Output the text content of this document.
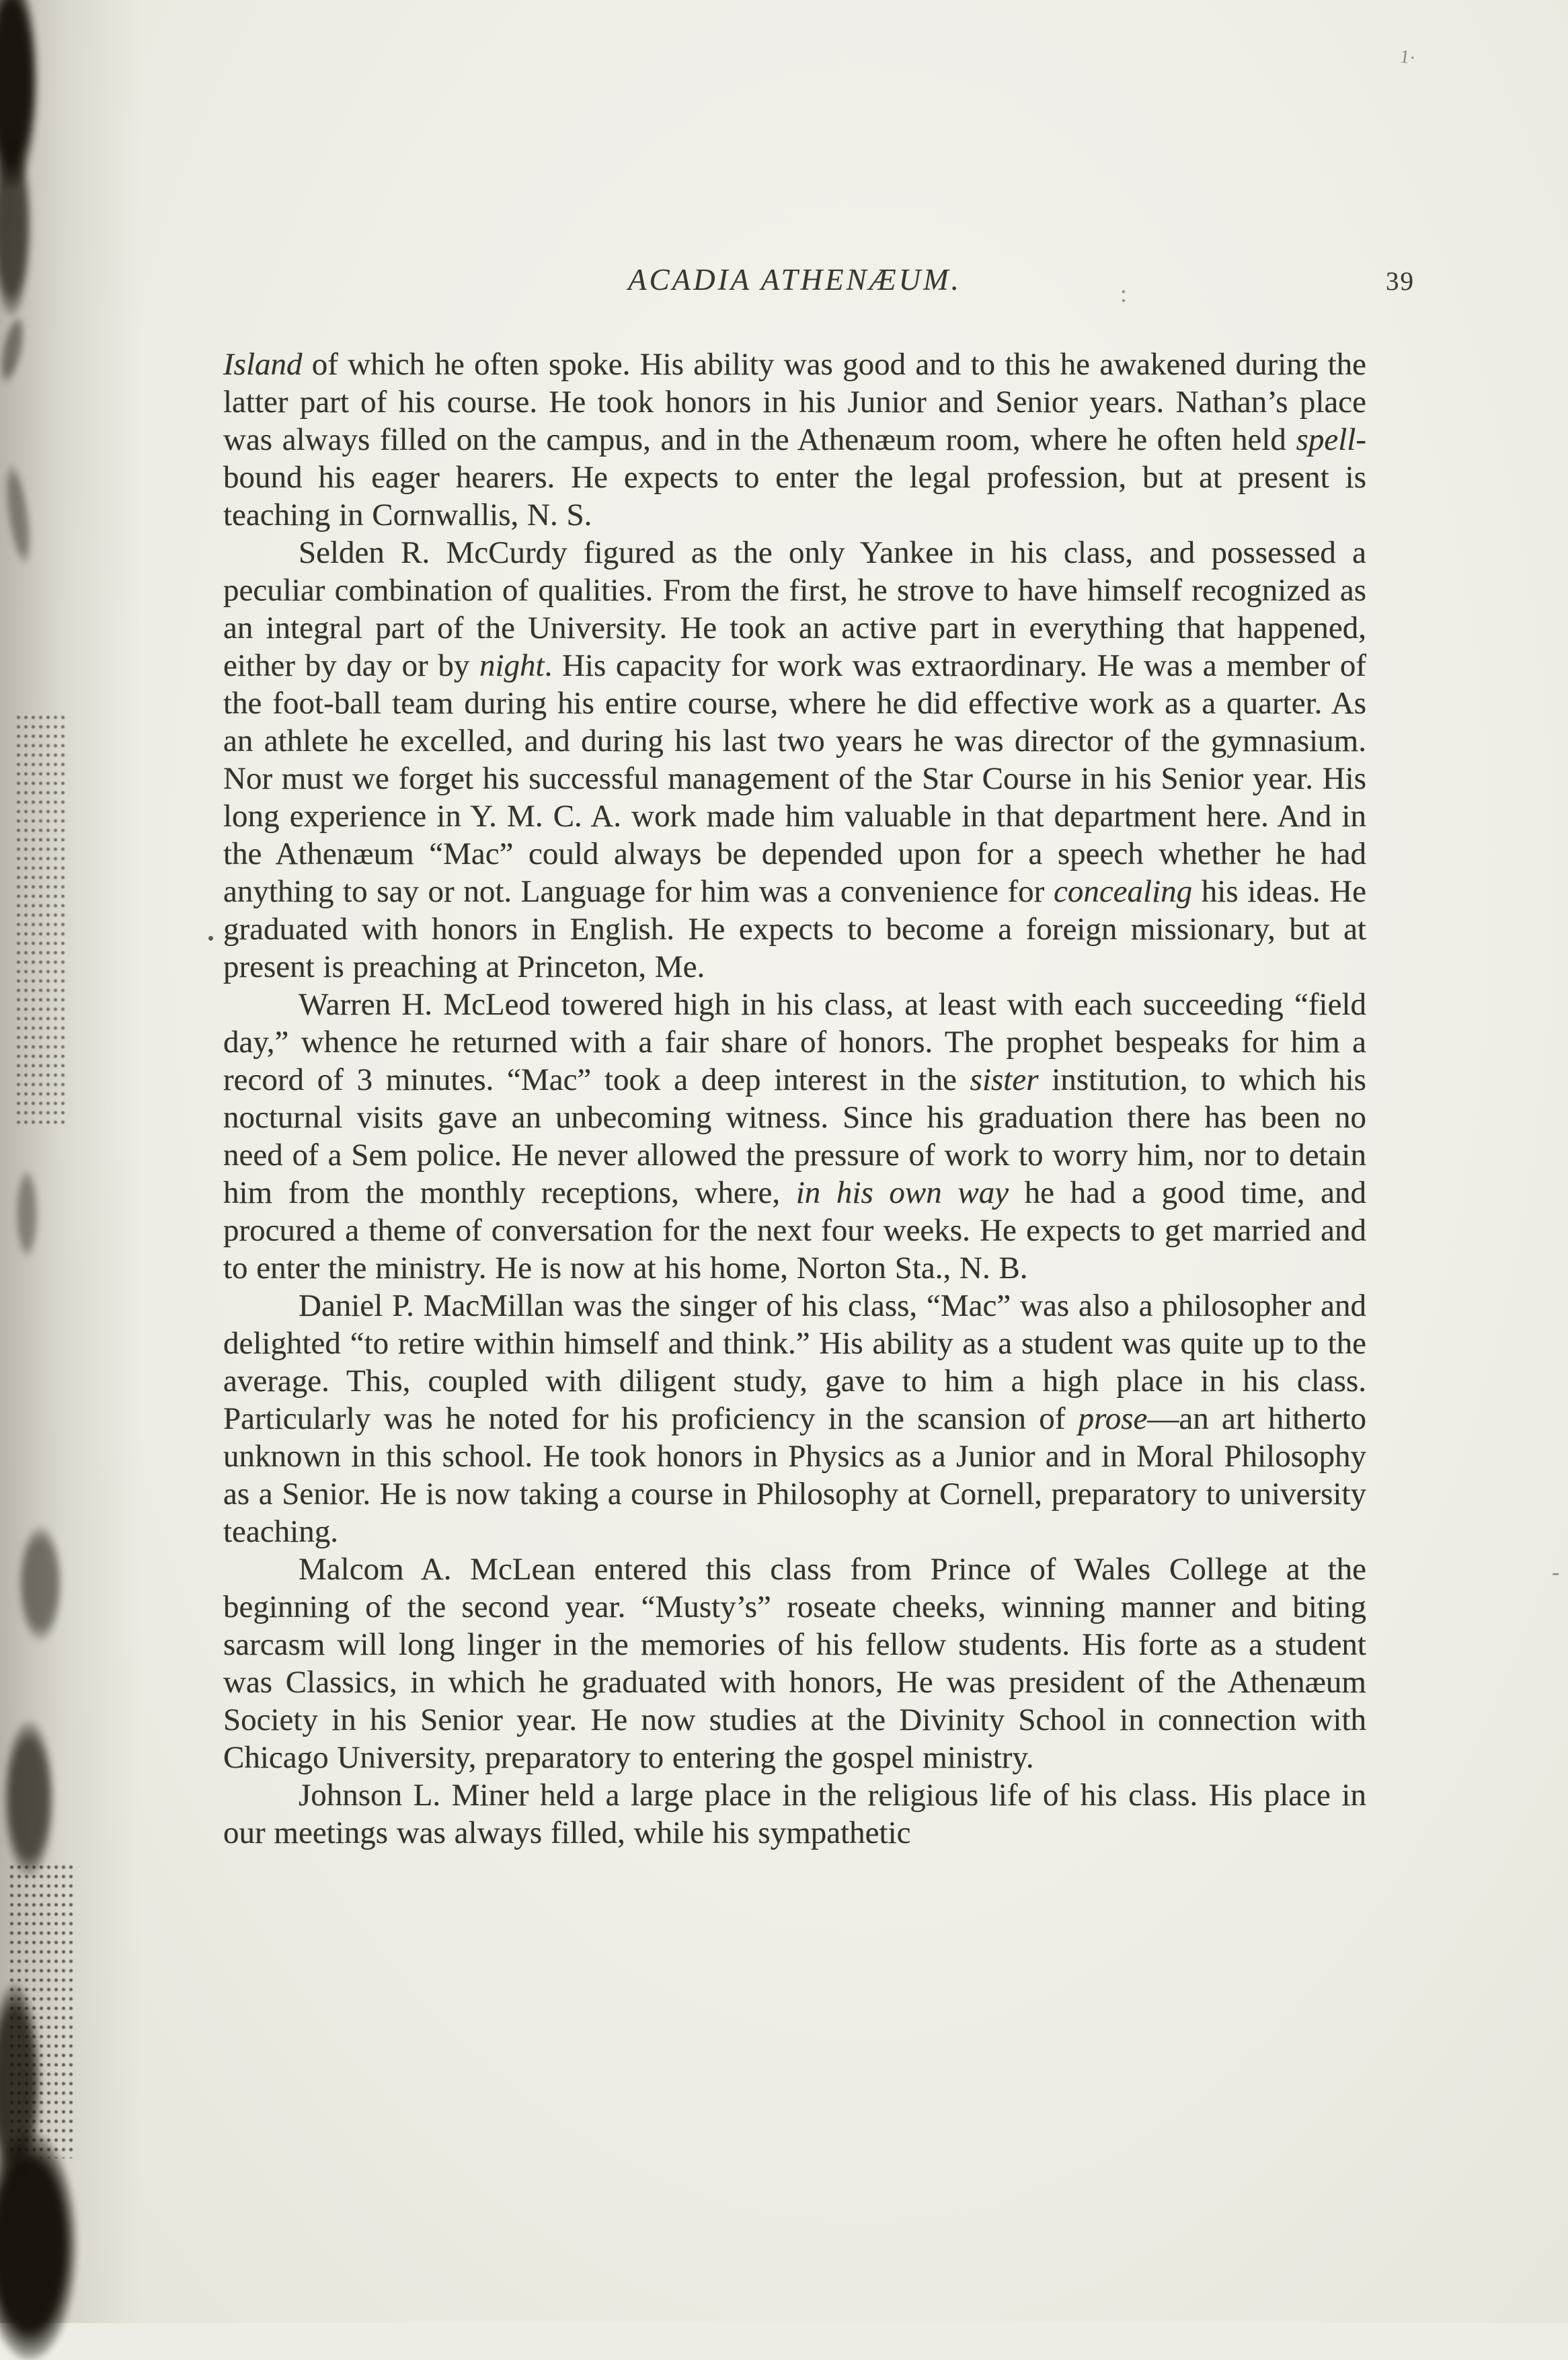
1·
-
ACADIA ATHENÆUM.	:	39

Island of which he often spoke. His ability was good and to this he awakened during the latter part of his course. He took honors in his Junior and Senior years. Nathan’s place was always filled on the campus, and in the Athenæum room, where he often held spell-bound his eager hearers. He expects to enter the legal profession, but at present is teaching in Cornwallis, N. S.

Selden R. McCurdy figured as the only Yankee in his class, and possessed a peculiar combination of qualities. From the first, he strove to have himself recognized as an integral part of the University. He took an active part in everything that happened, either by day or by night. His capacity for work was extraordinary. He was a member of the foot-ball team during his entire course, where he did effective work as a quarter. As an athlete he excelled, and during his last two years he was director of the gymnasium. Nor must we forget his successful management of the Star Course in his Senior year. His long experience in Y. M. C. A. work made him valuable in that department here. And in the Athenæum “Mac” could always be depended upon for a speech whether he had anything to say or not. Language for him was a convenience for concealing his ideas. He graduated with honors in English. He expects to become a foreign missionary, but at present is preaching at Princeton, Me.

Warren H. McLeod towered high in his class, at least with each succeeding “field day,” whence he returned with a fair share of honors. The prophet bespeaks for him a record of 3 minutes. “Mac” took a deep interest in the sister institution, to which his nocturnal visits gave an unbecoming witness. Since his graduation there has been no need of a Sem police. He never allowed the pressure of work to worry him, nor to detain him from the monthly receptions, where, in his own way he had a good time, and procured a theme of conversation for the next four weeks. He expects to get married and to enter the ministry. He is now at his home, Norton Sta., N. B.

Daniel P. MacMillan was the singer of his class, “Mac” was also a philosopher and delighted “to retire within himself and think.” His ability as a student was quite up to the average. This, coupled with diligent study, gave to him a high place in his class. Particularly was he noted for his proficiency in the scansion of prose—an art hitherto unknown in this school. He took honors in Physics as a Junior and in Moral Philosophy as a Senior. He is now taking a course in Philosophy at Cornell, preparatory to university teaching.

Malcom A. McLean entered this class from Prince of Wales College at the beginning of the second year. “Musty’s” roseate cheeks, winning manner and biting sarcasm will long linger in the memories of his fellow students. His forte as a student was Classics, in which he graduated with honors, He was president of the Athenæum Society in his Senior year. He now studies at the Divinity School in connection with Chicago University, preparatory to entering the gospel ministry.

Johnson L. Miner held a large place in the religious life of his class. His place in our meetings was always filled, while his sympathetic
